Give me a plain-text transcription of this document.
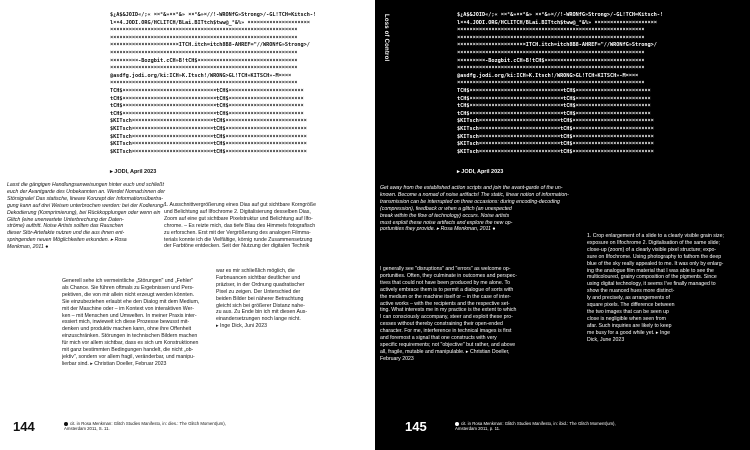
$¿Â$&JOID«/;« ¤¤°&»¤¤°&» ¤¤°&»¤//!-WRONfG»Strong>/-GL!TCH=Kitsch-!
l¤¤4.JODI.ORG/HCLITCH/BLai.BITtch$tww@_°&%» ¤¤¤¤¤¤¤¤¤¤¤¤¤¤¤¤¤¤¤¤
¤¤¤¤¤¤¤¤¤¤¤¤¤¤¤¤¤¤¤¤¤¤¤¤¤¤¤¤¤¤¤¤¤¤¤¤¤¤¤¤¤¤¤¤¤¤¤¤¤¤¤¤¤¤¤¤¤¤¤¤
¤¤¤¤¤¤¤¤¤¤¤¤¤¤¤¤¤¤¤¤¤¤¤¤¤¤¤¤¤¤¤¤¤¤¤¤¤¤¤¤¤¤¤¤¤¤¤¤¤¤¤¤¤¤¤¤¤¤¤¤
¤¤¤¤¤¤¤¤¤¤¤¤¤¤¤¤¤¤¤¤¤¤ITCH.itch=itch8B8-AHREF="//WRONfG»Strong>/
¤¤¤¤¤¤¤¤¤¤¤¤¤¤¤¤¤¤¤¤¤¤¤¤¤¤¤¤¤¤¤¤¤¤¤¤¤¤¤¤¤¤¤¤¤¤¤¤¤¤¤¤¤¤¤¤¤¤¤¤
¤¤¤¤¤¤¤¤¤-Bozgbit.cCH»B!tCH$¤¤¤¤¤¤¤¤¤¤¤¤¤¤¤¤¤¤¤¤¤¤¤¤¤¤¤¤¤¤¤¤
¤¤¤¤¤¤¤¤¤¤¤¤¤¤¤¤¤¤¤¤¤¤¤¤¤¤¤¤¤¤¤¤¤¤¤¤¤¤¤¤¤¤¤¤¤¤¤¤¤¤¤¤¤¤¤¤¤¤¤¤
@asdfg.jodi.org/ki:ICH»K.Itsch!/WRONG>GL!TCH»KITSCH»-M¤¤¤¤
¤¤¤¤¤¤¤¤¤¤¤¤¤¤¤¤¤¤¤¤¤¤¤¤¤¤¤¤¤¤¤¤¤¤¤¤¤¤¤¤¤¤¤¤¤¤¤¤¤¤¤¤¤¤¤¤¤¤¤¤
TCH$¤¤¤¤¤¤¤¤¤¤¤¤¤¤¤¤¤¤¤¤¤¤¤¤¤¤¤¤¤¤tCH$¤¤¤¤¤¤¤¤¤¤¤¤¤¤¤¤¤¤¤¤¤¤¤¤
tCH$¤¤¤¤¤¤¤¤¤¤¤¤¤¤¤¤¤¤¤¤¤¤¤¤¤¤¤¤¤¤tCH$¤¤¤¤¤¤¤¤¤¤¤¤¤¤¤¤¤¤¤¤¤¤¤¤
tCH$¤¤¤¤¤¤¤¤¤¤¤¤¤¤¤¤¤¤¤¤¤¤¤¤¤¤¤¤¤¤tCH$¤¤¤¤¤¤¤¤¤¤¤¤¤¤¤¤¤¤¤¤¤¤¤¤
tCH$¤¤¤¤¤¤¤¤¤¤¤¤¤¤¤¤¤¤¤¤¤¤¤¤¤¤¤¤¤¤tCH$¤¤¤¤¤¤¤¤¤¤¤¤¤¤¤¤¤¤¤¤¤¤¤¤
$KITsch¤¤¤¤¤¤¤¤¤¤¤¤¤¤¤¤¤¤¤¤¤¤¤¤¤¤tCH$¤¤¤¤¤¤¤¤¤¤¤¤¤¤¤¤¤¤¤¤¤¤¤¤¤¤
$KITsch¤¤¤¤¤¤¤¤¤¤¤¤¤¤¤¤¤¤¤¤¤¤¤¤¤¤tCH$¤¤¤¤¤¤¤¤¤¤¤¤¤¤¤¤¤¤¤¤¤¤¤¤¤¤
$KITsch¤¤¤¤¤¤¤¤¤¤¤¤¤¤¤¤¤¤¤¤¤¤¤¤¤¤tCH$¤¤¤¤¤¤¤¤¤¤¤¤¤¤¤¤¤¤¤¤¤¤¤¤¤¤
$KITsch¤¤¤¤¤¤¤¤¤¤¤¤¤¤¤¤¤¤¤¤¤¤¤¤¤¤tCH$¤¤¤¤¤¤¤¤¤¤¤¤¤¤¤¤¤¤¤¤¤¤¤¤¤¤
$KITsch¤¤¤¤¤¤¤¤¤¤¤¤¤¤¤¤¤¤¤¤¤¤¤¤¤¤tCH$¤¤¤¤¤¤¤¤¤¤¤¤¤¤¤¤¤¤¤¤¤¤¤¤¤¤
▸ JODI, April 2023
Lasst die gängigen Handlungsanweisungen hinter euch und schließt
euch der Avantgarde des Unbekannten an. Werdet Nomad:innen der
Störsignale! Das statische, lineare Konzept der Informationsübertra-
gung kann auf drei Weisen unterbrochen werden: bei der Kodierung/
Dekodierung (Komprimierung), bei Rückkopplungen oder wenn ein
Glitch (eine unerwartete Unterbrechung der Daten-
ströme) auftritt. Noise Artists sollten das Rauschen
dieser Stör-Artefakte nutzen und die aus ihnen ent-
springenden neuen Möglichkeiten erkunden. ▸ Rosa
Menkman, 2011 ●
1. Ausschnittvergrößerung eines Dias auf gut sichtbare Korngröße
und Belichtung auf Ilfochrome 2. Digitalisierung desselben Dias,
Zoom auf eine gut sichtbare Pixelstruktur und Belichtung auf Ilfo-
chrome. – Es reizte mich, das tiefe Blau des Himmels fotografisch
zu erforschen. Erst mit der Vergrößerung des analogen Filmma-
terials konnte ich die Vielfältige, körnig runde Zusammensetzung
der Farbtöne entdecken. Seit der Nutzung der digitalen Technik
Generell sehe ich vermeintliche „Störungen" und „Fehler"
als Chance. Sie führen oftmals zu Ergebnissen und Pers-
pektiven, die von mir allein nicht erzeugt werden könnten.
Sie einzubeziehen erlaubt ehe den Dialog mit dem Medium,
mit der Maschine oder – im Kontext von interaktiven Wer-
ken – mit Menschen und Umwelten. In meiner Praxis inter-
essiert mich, inwieweit ich diese Prozesse bewusst mit-
denken und produktiv machen kann, ohne ihre Offenheit
einzuschränken. Störungen in technischen Bildern machen
für mich vor allem sichtbar, dass es sich um Konstruktionen
mit ganz bestimmten Bedingungen handelt, die nicht „ob-
jektiv", sondern vor allem fragil, veränderbar, und manipu-
lierbar sind. ▸ Christian Doeller, Februar 2023
war es mir schließlich möglich, die
Farbnuancen sichtbar deutlicher und
präziser, in der Ordnung quadratischer
Pixel zu zeigen. Der Unterschied der
beiden Bilder bei näherer Betrachtung
gleicht sich bei größerer Distanz nahe-
zu aus. Zu Ende bin ich mit diesen Aus-
einandersetzungen noch lange nicht.
▸ Inge Dick, Juni 2023
144	cit. in Rosa Menkman: Glitch Studies Manifesto, in: dies.: The Glitch Moment(um),
Amsterdam 2011, S. 11.
Loss of Control	$¿Â$&JOID«/;« ¤¤°&»¤¤°&» ¤¤°&»¤//!-WRONfG»Strong>/-GL!TCH=Kitsch-!
l¤¤4.JODI.ORG/HCLITCH/BLai.BITtch$tww@_°&%» ¤¤¤¤¤¤¤¤¤¤¤¤¤¤¤¤¤¤¤¤
¤¤¤¤¤¤¤¤¤¤¤¤¤¤¤¤¤¤¤¤¤¤¤¤¤¤¤¤¤¤¤¤¤¤¤¤¤¤¤¤¤¤¤¤¤¤¤¤¤¤¤¤¤¤¤¤¤¤¤¤
¤¤¤¤¤¤¤¤¤¤¤¤¤¤¤¤¤¤¤¤¤¤¤¤¤¤¤¤¤¤¤¤¤¤¤¤¤¤¤¤¤¤¤¤¤¤¤¤¤¤¤¤¤¤¤¤¤¤¤¤
¤¤¤¤¤¤¤¤¤¤¤¤¤¤¤¤¤¤¤¤¤¤ITCH.itch=itch8B8-AHREF="//WRONfG»Strong>/
¤¤¤¤¤¤¤¤¤¤¤¤¤¤¤¤¤¤¤¤¤¤¤¤¤¤¤¤¤¤¤¤¤¤¤¤¤¤¤¤¤¤¤¤¤¤¤¤¤¤¤¤¤¤¤¤¤¤¤¤
¤¤¤¤¤¤¤¤¤-Bozgbit.cCH»B!tCH$¤¤¤¤¤¤¤¤¤¤¤¤¤¤¤¤¤¤¤¤¤¤¤¤¤¤¤¤¤¤¤¤
¤¤¤¤¤¤¤¤¤¤¤¤¤¤¤¤¤¤¤¤¤¤¤¤¤¤¤¤¤¤¤¤¤¤¤¤¤¤¤¤¤¤¤¤¤¤¤¤¤¤¤¤¤¤¤¤¤¤¤¤
@asdfg.jodi.org/ki:ICH»K.Itsch!/WRONG>GL!TCH»KITSCH»-M¤¤¤¤
¤¤¤¤¤¤¤¤¤¤¤¤¤¤¤¤¤¤¤¤¤¤¤¤¤¤¤¤¤¤¤¤¤¤¤¤¤¤¤¤¤¤¤¤¤¤¤¤¤¤¤¤¤¤¤¤¤¤¤¤
TCH$¤¤¤¤¤¤¤¤¤¤¤¤¤¤¤¤¤¤¤¤¤¤¤¤¤¤¤¤¤¤tCH$¤¤¤¤¤¤¤¤¤¤¤¤¤¤¤¤¤¤¤¤¤¤¤¤
tCH$¤¤¤¤¤¤¤¤¤¤¤¤¤¤¤¤¤¤¤¤¤¤¤¤¤¤¤¤¤¤tCH$¤¤¤¤¤¤¤¤¤¤¤¤¤¤¤¤¤¤¤¤¤¤¤¤
tCH$¤¤¤¤¤¤¤¤¤¤¤¤¤¤¤¤¤¤¤¤¤¤¤¤¤¤¤¤¤¤tCH$¤¤¤¤¤¤¤¤¤¤¤¤¤¤¤¤¤¤¤¤¤¤¤¤
tCH$¤¤¤¤¤¤¤¤¤¤¤¤¤¤¤¤¤¤¤¤¤¤¤¤¤¤¤¤¤¤tCH$¤¤¤¤¤¤¤¤¤¤¤¤¤¤¤¤¤¤¤¤¤¤¤¤
$KITsch¤¤¤¤¤¤¤¤¤¤¤¤¤¤¤¤¤¤¤¤¤¤¤¤¤¤tCH$¤¤¤¤¤¤¤¤¤¤¤¤¤¤¤¤¤¤¤¤¤¤¤¤¤¤
$KITsch¤¤¤¤¤¤¤¤¤¤¤¤¤¤¤¤¤¤¤¤¤¤¤¤¤¤tCH$¤¤¤¤¤¤¤¤¤¤¤¤¤¤¤¤¤¤¤¤¤¤¤¤¤¤
$KITsch¤¤¤¤¤¤¤¤¤¤¤¤¤¤¤¤¤¤¤¤¤¤¤¤¤¤tCH$¤¤¤¤¤¤¤¤¤¤¤¤¤¤¤¤¤¤¤¤¤¤¤¤¤¤
$KITsch¤¤¤¤¤¤¤¤¤¤¤¤¤¤¤¤¤¤¤¤¤¤¤¤¤¤tCH$¤¤¤¤¤¤¤¤¤¤¤¤¤¤¤¤¤¤¤¤¤¤¤¤¤¤
$KITsch¤¤¤¤¤¤¤¤¤¤¤¤¤¤¤¤¤¤¤¤¤¤¤¤¤¤tCH$¤¤¤¤¤¤¤¤¤¤¤¤¤¤¤¤¤¤¤¤¤¤¤¤¤¤
▸ JODI, April 2023
Get away from the established action scripts and join the avant-garde of the un-
known. Become a nomad of noise artifacts! The static, linear notion of information-
transmission can be interrupted on three occasions: during encoding-decoding
(compression), feedback or when a glitch (an unexpected
break within the flow of technology) occurs. Noise artists
must exploit these noise artifacts and explore the new op-
portunities they provide. ▸ Rosa Menkman, 2011 ●
1. Crop enlargement of a slide to a clearly visible grain size;
exposure on Ilfochrome 2. Digitalisation of the same slide;
close-up (zoom) of a clearly visible pixel structure; expo-
sure on Ilfochrome. Using photography to fathom the deep
blue of the sky really appealed to me. It was only by enlarg-
ing the analogue film material that I was able to see the
multicoloured, grainy composition of the pigments. Since
using digital technology, it seems I've finally managed to
show the nuanced hues more distinct-
ly and precisely, as arrangements of
square pixels. The difference between
the two images that can be seen up
close is negligible when seen from
afar. Such inquiries are likely to keep
me busy for a good while yet. ▸ Inge
Dick, June 2023
I generally see "disruptions" and "errors" as welcome op-
portunities. Often, they culminate in outcomes and perspec-
tives that could not have been produced by me alone. To
actively embrace them is to permit a dialogue of sorts with
the medium or the machine itself or – in the case of inter-
active works – with the recipients and the respective set-
ting. What interests me in my practice is the extent to which
I can consciously accompany, steer and exploit these pro-
cesses without thereby constraining their open-ended
character. For me, interference in technical images is first
and foremost a signal that one constructs with very
specific requirements; not "objective" but rather, and above
all, fragile, mutable and manipulable. ▸ Christian Doeller,
February 2023
145	cit. in Rosa Menkman: Glitch Studies Manifesto, in: ibid.: The Glitch Moment(um),
Amsterdam 2011, p. 11.
